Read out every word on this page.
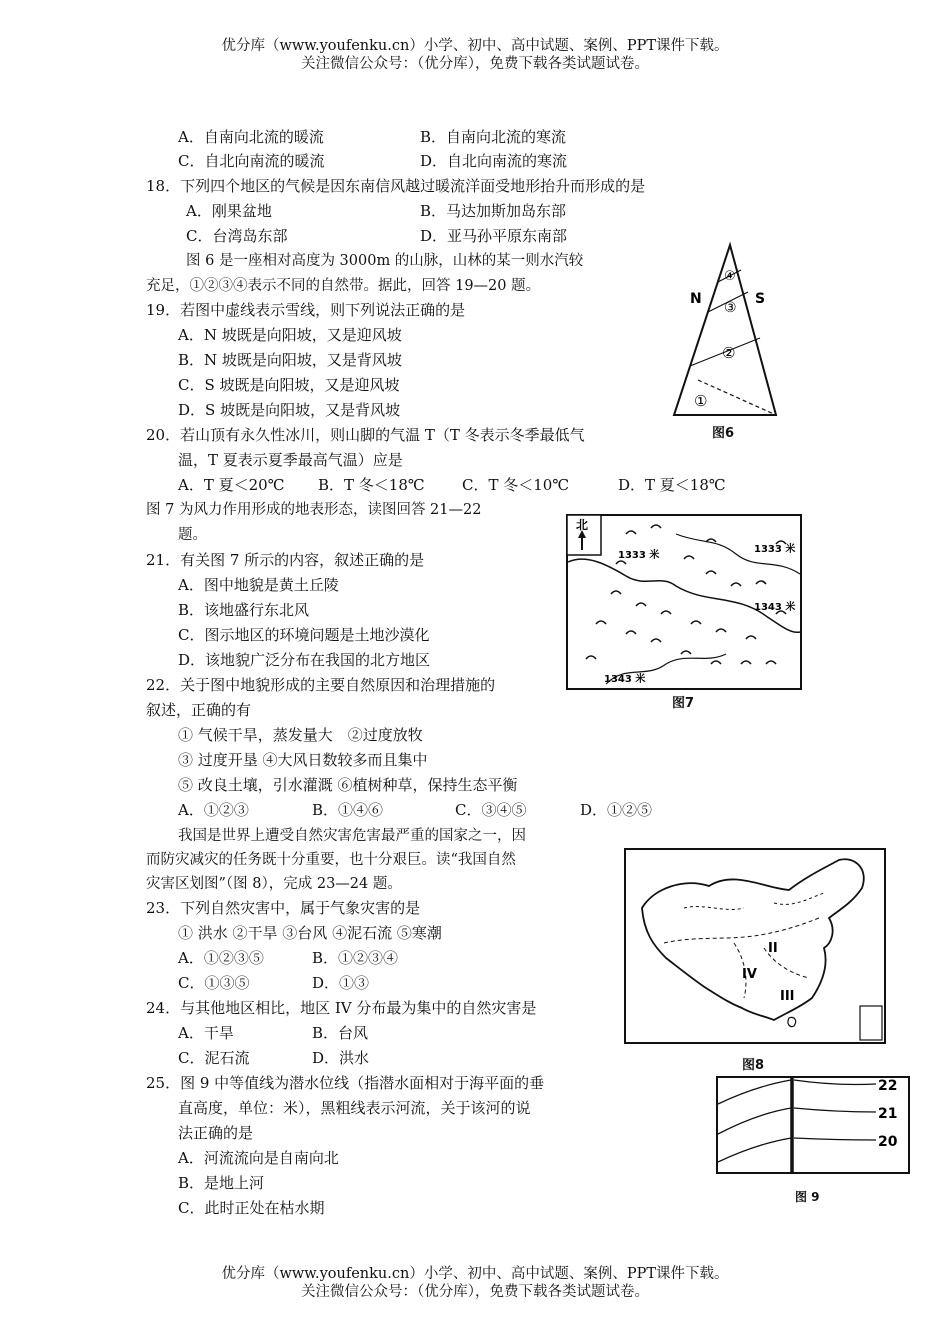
优分库（www.youfenku.cn）小学、初中、高中试题、案例、PPT课件下载。
关注微信公众号：（优分库），免费下载各类试题试卷。
A．自南向北流的暖流	B．自南向北流的寒流
C．自北向南流的暖流	D．自北向南流的寒流
18．下列四个地区的气候是因东南信风越过暖流洋面受地形抬升而形成的是
A．刚果盆地	B．马达加斯加岛东部
C．台湾岛东部	D．亚马孙平原东南部
图 6 是一座相对高度为 3000m 的山脉，山林的某一则水汽较
充足，①②③④表示不同的自然带。据此，回答 19—20 题。
19．若图中虚线表示雪线，则下列说法正确的是
A．N 坡既是向阳坡，又是迎风坡
B．N 坡既是向阳坡，又是背风坡
C．S 坡既是向阳坡，又是迎风坡
D．S 坡既是向阳坡，又是背风坡
20．若山顶有永久性冰川，则山脚的气温 T（T 冬表示冬季最低气
温，T 夏表示夏季最高气温）应是
A．T 夏＜20℃ B．T 冬＜18℃ C．T 冬＜10℃	D．T 夏＜18℃
图 7 为风力作用形成的地表形态，读图回答 21—22
题。
21．有关图 7 所示的内容，叙述正确的是
A．图中地貌是黄土丘陵
B．该地盛行东北风
C．图示地区的环境问题是土地沙漠化
D．该地貌广泛分布在我国的北方地区
22．关于图中地貌形成的主要自然原因和治理措施的
叙述，正确的有
① 气候干旱，蒸发量大　②过度放牧
③ 过度开垦 ④大风日数较多而且集中
⑤ 改良土壤，引水灌溉 ⑥植树种草，保持生态平衡
A．①②③	B．①④⑥	C．③④⑤	D．①②⑤
我国是世界上遭受自然灾害危害最严重的国家之一，因
而防灾减灾的任务既十分重要，也十分艰巨。读“我国自然
灾害区划图”（图 8），完成 23—24 题。
23．下列自然灾害中，属于气象灾害的是
① 洪水 ②干旱 ③台风 ④泥石流 ⑤寒潮
A．①②③⑤	B．①②③④
C．①③⑤	D．①③
24．与其他地区相比，地区 IV 分布最为集中的自然灾害是
A．干旱	B．台风
C．泥石流	D．洪水
25．图 9 中等值线为潜水位线（指潜水面相对于海平面的垂
直高度，单位：米），黑粗线表示河流，关于该河的说
法正确的是
A．河流流向是自南向北
B．是地上河
C．此时正处在枯水期
N	S
④
③
②
①
图6
北
1333 米
1333 米
1343 米
1343 米
图7
II
IV
III
图8
22
21
20
图 9
优分库（www.youfenku.cn）小学、初中、高中试题、案例、PPT课件下载。
关注微信公众号：（优分库），免费下载各类试题试卷。
